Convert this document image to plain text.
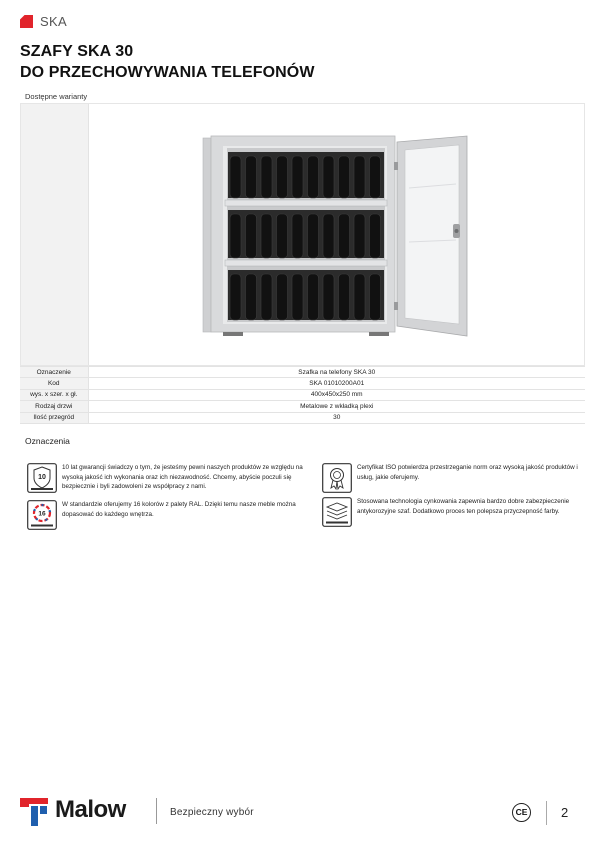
SKA
SZAFY SKA 30
DO PRZECHOWYWANIA TELEFONÓW
Dostępne warianty
Oznaczenie	Szafka na telefony SKA 30
Kod	SKA 01010200A01
wys. x szer. x gł.	400x450x250 mm
Rodzaj drzwi	Metalowe z wkładką plexi
Ilość przegród	30
Oznaczenia
10
10 lat gwarancji świadczy o tym, że jesteśmy pewni naszych produktów ze względu na wysoką jakość ich wykonania oraz ich niezawodność. Chcemy, abyście poczuli się bezpiecznie i byli zadowoleni ze współpracy z nami.
Certyfikat ISO potwierdza przestrzeganie norm oraz wysoką jakość produktów i usług, jakie oferujemy.
16
W standardzie oferujemy 16 kolorów z palety RAL. Dzięki temu nasze meble można dopasować do każdego wnętrza.
Stosowana technologia cynkowania zapewnia bardzo dobre zabezpieczenie antykorozyjne szaf. Dodatkowo proces ten polepsza przyczepność farby.
Malow	Bezpieczny wybór	CE	2
